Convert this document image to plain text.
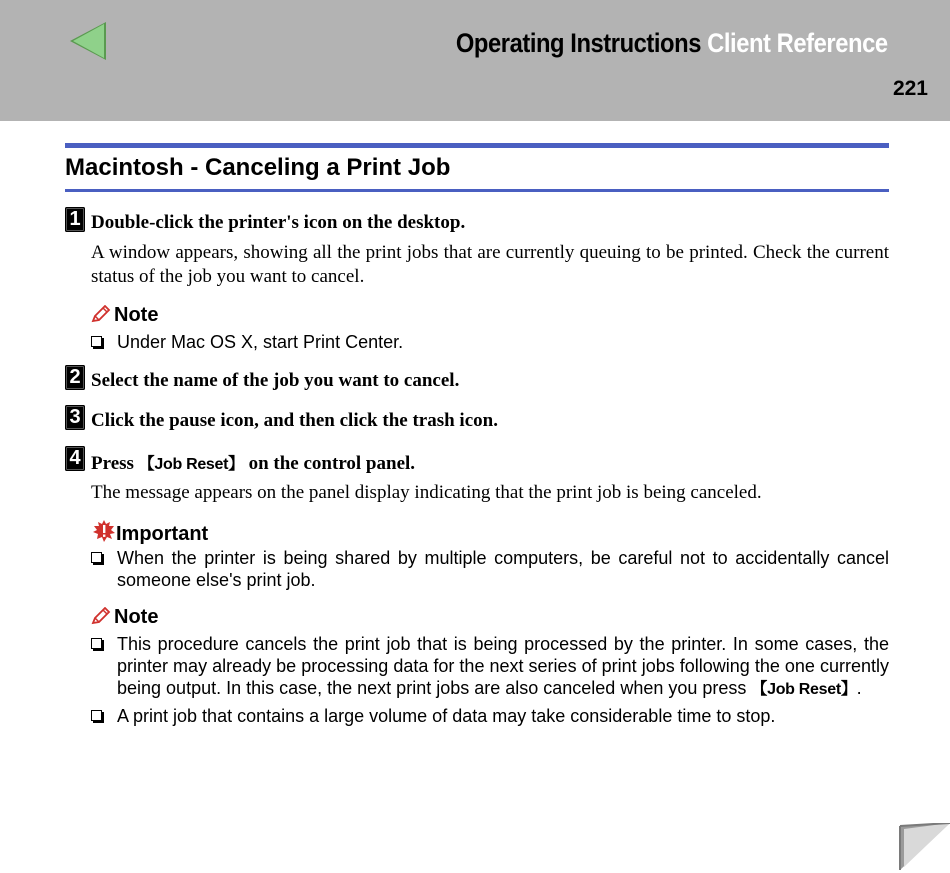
Operating Instructions Client Reference
221
Macintosh - Canceling a Print Job
1 Double-click the printer's icon on the desktop.
A window appears, showing all the print jobs that are currently queuing to be printed. Check the current status of the job you want to cancel.
Note
Under Mac OS X, start Print Center.
2 Select the name of the job you want to cancel.
3 Click the pause icon, and then click the trash icon.
4 Press 【Job Reset】 on the control panel.
The message appears on the panel display indicating that the print job is being canceled.
Important
When the printer is being shared by multiple computers, be careful not to accidentally cancel someone else's print job.
Note
This procedure cancels the print job that is being processed by the printer. In some cases, the printer may already be processing data for the next series of print jobs following the one currently being output. In this case, the next print jobs are also canceled when you press 【Job Reset】.
A print job that contains a large volume of data may take considerable time to stop.
